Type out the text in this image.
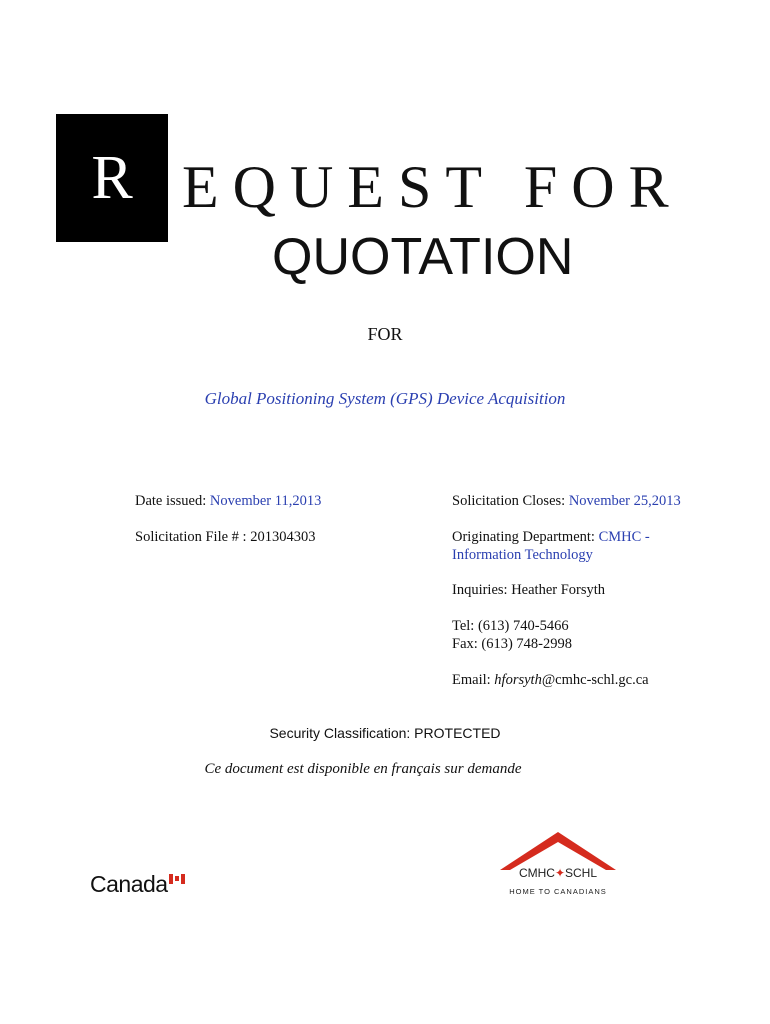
R EQUEST FOR
QUOTATION
FOR
Global Positioning System (GPS) Device Acquisition
Date issued: November 11,2013
Solicitation File # : 201304303
Solicitation Closes: November 25,2013
Originating Department: CMHC -
Information Technology
Inquiries: Heather Forsyth
Tel: (613) 740-5466
Fax: (613) 748-2998
Email: hforsyth@cmhc-schl.gc.ca
Security Classification: PROTECTED
Ce document est disponible en français sur demande
Canada	CMHC✦SCHL
HOME TO CANADIANS
